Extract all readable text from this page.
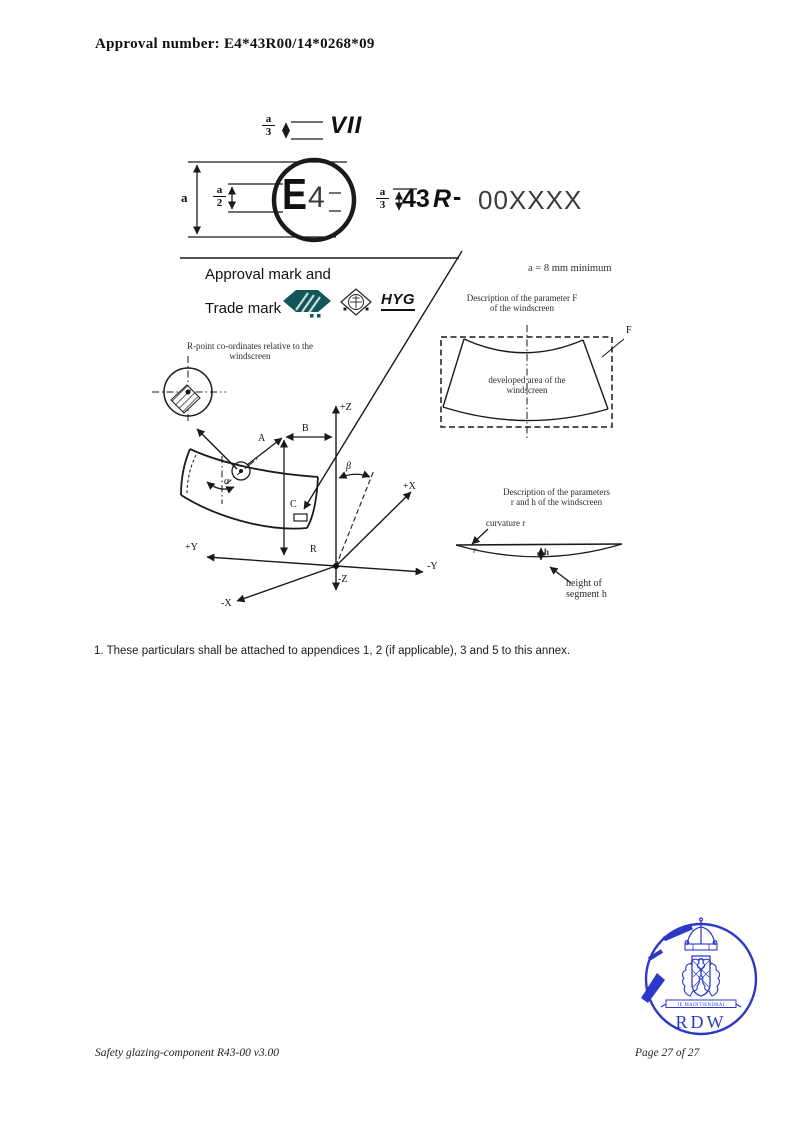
JE MAINTIENDRAI
RDW
Approval number: E4*43R00/14*0268*09
a
3 VII
a	a
2 E 4	a
3 43 R - 00XXXX
a = 8 mm minimum
Approval mark and
Trade mark
HYG
R-point co-ordinates relative to the
windscreen
+Z
-Z
+X
-X
+Y
-Y
A
B
C
R
α
β
Description of the parameter F
of the windscreen
F
developed area of the
windscreen
Description of the parameters
r and h of the windscreen
curvature r
r	h
height of
segment h
1. These particulars shall be attached to appendices 1, 2 (if applicable), 3 and 5 to this annex.
Safety glazing-component R43-00 v3.00	Page 27 of 27
